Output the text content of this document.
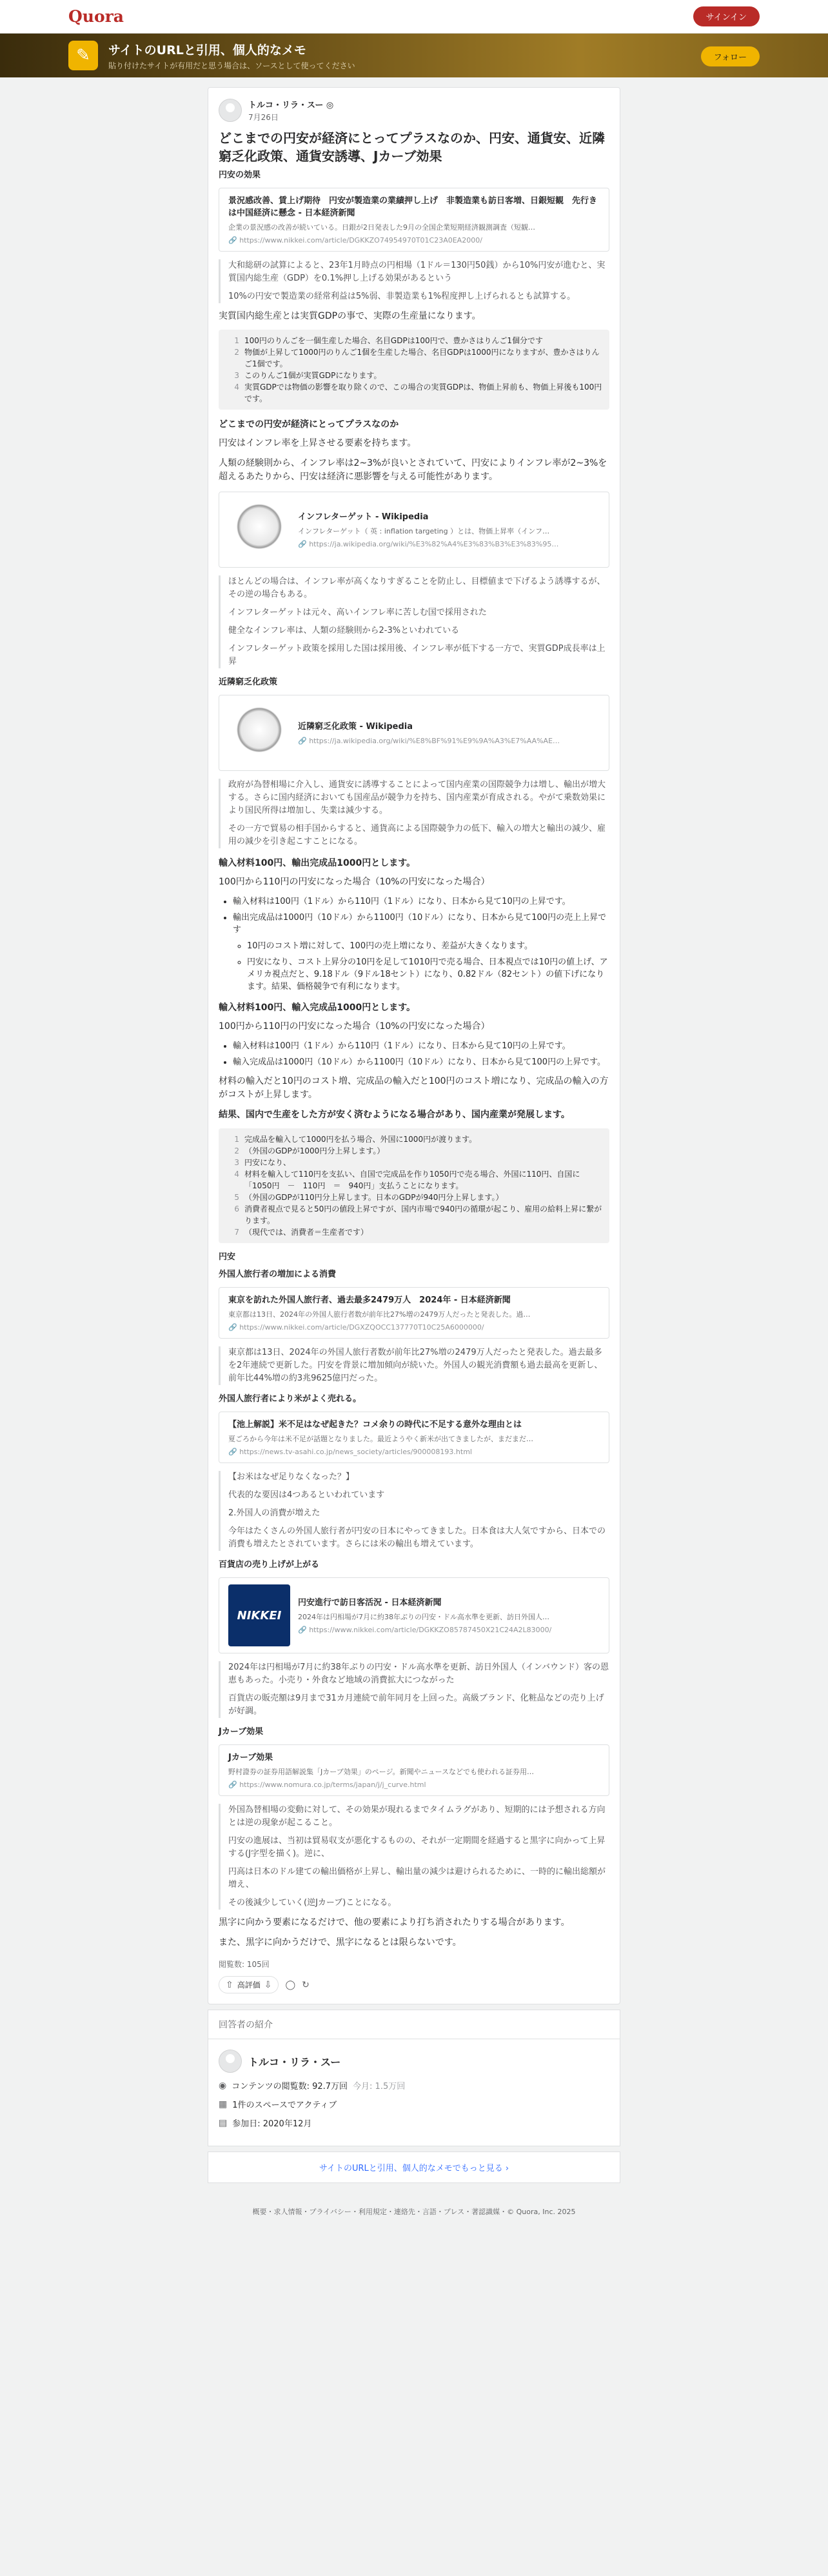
Quora	サインイン
✎	サイトのURLと引用、個人的なメモ
貼り付けたサイトが有用だと思う場合は、ソースとして使ってください
フォロー
トルコ・リラ・スー ◎
7月26日
どこまでの円安が経済にとってプラスなのか、円安、通貨安、近隣窮乏化政策、通貨安誘導、Jカーブ効果
円安の効果
景況感改善、賃上げ期待　円安が製造業の業績押し上げ　非製造業も訪日客増、日銀短観　先行きは中国経済に懸念 - 日本経済新聞
企業の景況感の改善が続いている。日銀が2日発表した9月の全国企業短期経済観測調査（短観…
🔗 https://www.nikkei.com/article/DGKKZO74954970T01C23A0EA2000/

大和総研の試算によると、23年1月時点の円相場（1ドル＝130円50銭）から10%円安が進むと、実質国内総生産（GDP）を0.1%押し上げる効果があるという

10%の円安で製造業の経常利益は5%弱、非製造業も1%程度押し上げられるとも試算する。

実質国内総生産とは実質GDPの事で、実際の生産量になります。

1 100円のりんごを一個生産した場合、名目GDPは100円で、豊かさはりんご1個分です
2 物価が上昇して1000円のりんご1個を生産した場合、名目GDPは1000円になりますが、豊かさはりんご1個です。
3 このりんご1個が実質GDPになります。
4 実質GDPでは物価の影響を取り除くので、この場合の実質GDPは、物価上昇前も、物価上昇後も100円です。
どこまでの円安が経済にとってプラスなのか

円安はインフレ率を上昇させる要素を持ちます。

人類の経験則から、インフレ率は2~3%が良いとされていて、円安によりインフレ率が2~3%を超えるあたりから、円安は経済に悪影響を与える可能性があります。

インフレターゲット - Wikipedia
インフレターゲット（ 英 : inflation targeting ）とは、物価上昇率（インフ…
🔗 https://ja.wikipedia.org/wiki/%E3%82%A4%E3%83%B3%E3%83%95…

ほとんどの場合は、インフレ率が高くなりすぎることを防止し、目標値まで下げるよう誘導するが、その逆の場合もある。

インフレターゲットは元々、高いインフレ率に苦しむ国で採用された

健全なインフレ率は、人類の経験則から2-3%といわれている

インフレターゲット政策を採用した国は採用後、インフレ率が低下する一方で、実質GDP成長率は上昇

近隣窮乏化政策
近隣窮乏化政策 - Wikipedia
🔗 https://ja.wikipedia.org/wiki/%E8%BF%91%E9%9A%A3%E7%AA%AE…

政府が為替相場に介入し、通貨安に誘導することによって国内産業の国際競争力は増し、輸出が増大する。さらに国内経済においても国産品が競争力を持ち、国内産業が育成される。やがて乗数効果により国民所得は増加し、失業は減少する。

その一方で貿易の相手国からすると、通貨高による国際競争力の低下、輸入の増大と輸出の減少、雇用の減少を引き起こすことになる。

輸入材料100円、輸出完成品1000円とします。

100円から110円の円安になった場合（10%の円安になった場合）

• 輸入材料は100円（1ドル）から110円（1ドル）になり、日本から見て10円の上昇です。
• 輸出完成品は1000円（10ドル）から1100円（10ドル）になり、日本から見て100円の売上上昇です
◦ 10円のコスト増に対して、100円の売上増になり、差益が大きくなります。
◦ 円安になり、コスト上昇分の10円を足して1010円で売る場合、日本視点では10円の値上げ、アメリカ視点だと、9.18ドル（9ドル18セント）になり、0.82ドル（82セント）の値下げになります。結果、価格競争で有利になります。
輸入材料100円、輸入完成品1000円とします。

100円から110円の円安になった場合（10%の円安になった場合）

• 輸入材料は100円（1ドル）から110円（1ドル）になり、日本から見て10円の上昇です。
• 輸入完成品は1000円（10ドル）から1100円（10ドル）になり、日本から見て100円の上昇です。

材料の輸入だと10円のコスト増、完成品の輸入だと100円のコスト増になり、完成品の輸入の方がコストが上昇します。

結果、国内で生産をした方が安く済むようになる場合があり、国内産業が発展します。

1 完成品を輸入して1000円を払う場合、外国に1000円が渡ります。
2 （外国のGDPが1000円分上昇します。）
3 円安になり、
4 材料を輸入して110円を支払い、自国で完成品を作り1050円で売る場合、外国に110円、自国に「1050円　－　110円　＝　940円」支払うことになります。
5 （外国のGDPが110円分上昇します。日本のGDPが940円分上昇します。）
6 消費者視点で見ると50円の値段上昇ですが、国内市場で940円の循環が起こり、雇用の給料上昇に繋がります。
7 （現代では、消費者＝生産者です）
円安
外国人旅行者の増加による消費
東京を訪れた外国人旅行者、過去最多2479万人　2024年 - 日本経済新聞
東京都は13日、2024年の外国人旅行者数が前年比27%増の2479万人だったと発表した。過…
🔗 https://www.nikkei.com/article/DGXZQOCC137770T10C25A6000000/

東京都は13日、2024年の外国人旅行者数が前年比27%増の2479万人だったと発表した。過去最多を2年連続で更新した。円安を背景に増加傾向が続いた。外国人の観光消費額も過去最高を更新し、前年比44%増の約3兆9625億円だった。

外国人旅行者により米がよく売れる。
【池上解説】米不足はなぜ起きた？コメ余りの時代に不足する意外な理由とは
夏ごろから今年は米不足が話題となりました。最近ようやく新米が出てきましたが、まだまだ…
🔗 https://news.tv-asahi.co.jp/news_society/articles/900008193.html

【お米はなぜ足りなくなった？】

代表的な要因は4つあるといわれています

2.外国人の消費が増えた

今年はたくさんの外国人旅行者が円安の日本にやってきました。日本食は大人気ですから、日本での消費も増えたとされています。さらには米の輸出も増えています。

百貨店の売り上げが上がる
NIKKEI
円安進行で訪日客活況 - 日本経済新聞
2024年は円相場が7月に約38年ぶりの円安・ドル高水準を更新、訪日外国人…
🔗 https://www.nikkei.com/article/DGKKZO85787450X21C24A2L83000/

2024年は円相場が7月に約38年ぶりの円安・ドル高水準を更新、訪日外国人（インバウンド）客の恩恵もあった。小売り・外食など地域の消費拡大につながった

百貨店の販売額は9月まで31カ月連続で前年同月を上回った。高級ブランド、化粧品などの売り上げが好調。

Jカーブ効果
Jカーブ効果
野村證券の証券用語解説集「Jカーブ効果」のページ。新聞やニュースなどでも使われる証券用…
🔗 https://www.nomura.co.jp/terms/japan/j/j_curve.html

外国為替相場の変動に対して、その効果が現れるまでタイムラグがあり、短期的には予想される方向とは逆の現象が起こること。

円安の進展は、当初は貿易収支が悪化するものの、それが一定期間を経過すると黒字に向かって上昇する(J字型を描く)。逆に、

円高は日本のドル建ての輸出価格が上昇し、輸出量の減少は避けられるために、一時的に輸出総額が増え、

その後減少していく(逆Jカーブ)ことになる。

黒字に向かう要素になるだけで、他の要素により打ち消されたりする場合があります。

また、黒字に向かうだけで、黒字になるとは限らないです。

閲覧数: 105回
⇧ 高評価 ⇩ ◯ ↻
回答者の紹介
トルコ・リラ・スー
◉ コンテンツの閲覧数: 92.7万回 今月: 1.5万回
▦ 1件のスペースでアクティブ
▤ 参加日: 2020年12月
サイトのURLと引用、個人的なメモでもっと見る ›
概要・求人情報・プライバシー・利用規定・連絡先・言語・プレス・著認識媒・© Quora, Inc. 2025
